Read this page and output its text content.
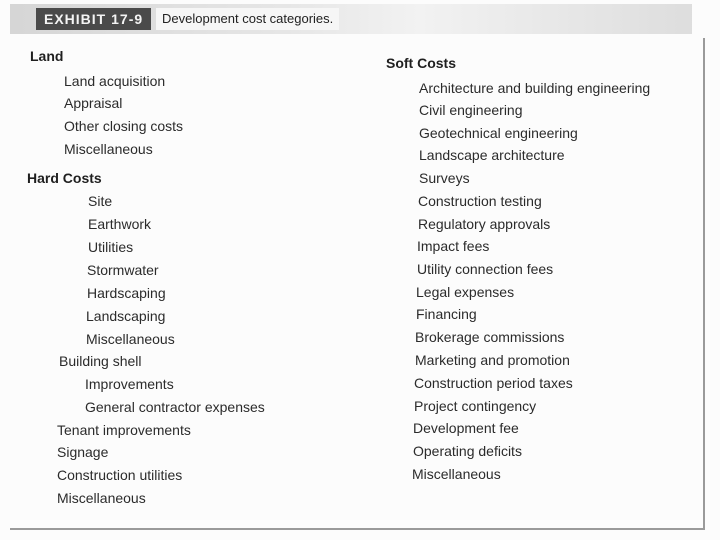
EXHIBIT 17-9	Development cost categories.
Land
Land acquisition
Appraisal
Other closing costs
Miscellaneous
Hard Costs
Site
Earthwork
Utilities
Stormwater
Hardscaping
Landscaping
Miscellaneous
Building shell
Improvements
General contractor expenses
Tenant improvements
Signage
Construction utilities
Miscellaneous
Soft Costs
Architecture and building engineering
Civil engineering
Geotechnical engineering
Landscape architecture
Surveys
Construction testing
Regulatory approvals
Impact fees
Utility connection fees
Legal expenses
Financing
Brokerage commissions
Marketing and promotion
Construction period taxes
Project contingency
Development fee
Operating deficits
Miscellaneous
